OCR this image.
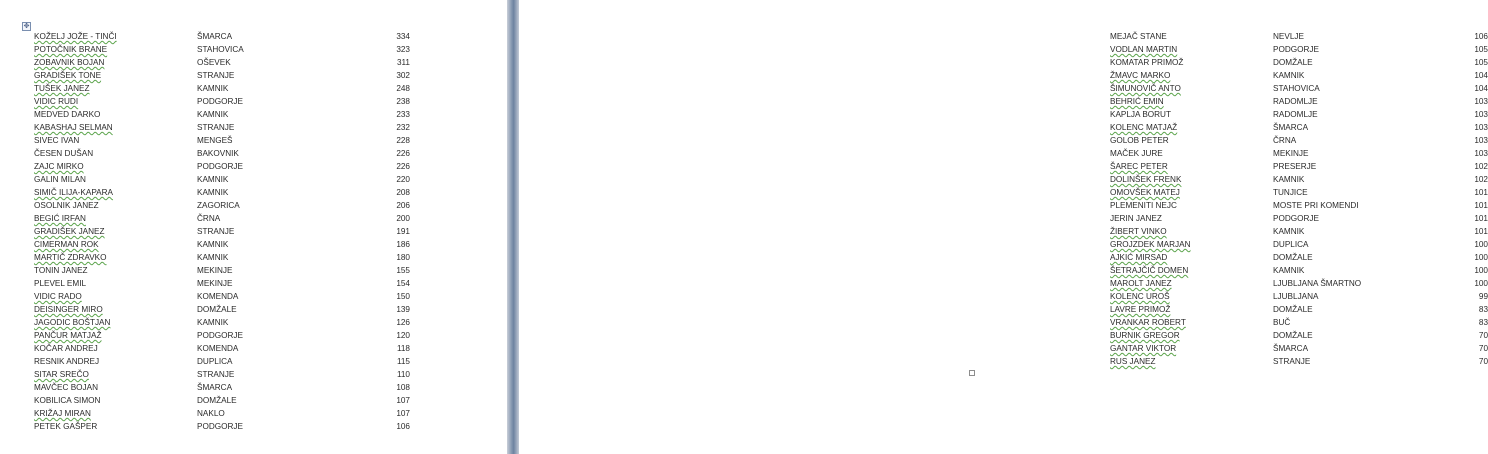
✥
KOŽELJ JOŽE - TINČI	ŠMARCA	334
POTOČNIK BRANE	STAHOVICA	323
ZOBAVNIK BOJAN	OŠEVEK	311
GRADIŠEK TONE	STRANJE	302
TUŠEK JANEZ	KAMNIK	248
VIDIC RUDI	PODGORJE	238
MEDVED DARKO	KAMNIK	233
KABASHAJ SELMAN	STRANJE	232
SIVEC IVAN	MENGEŠ	228
ČESEN DUŠAN	BAKOVNIK	226
ZAJC MIRKO	PODGORJE	226
GALIN MILAN	KAMNIK	220
SIMIČ ILIJA-KAPARA	KAMNIK	208
OSOLNIK JANEZ	ZAGORICA	206
BEGIĆ IRFAN	ČRNA	200
GRADIŠEK JANEZ	STRANJE	191
CIMERMAN ROK	KAMNIK	186
MARTIČ ZDRAVKO	KAMNIK	180
TONIN JANEZ	MEKINJE	155
PLEVEL EMIL	MEKINJE	154
VIDIC RADO	KOMENDA	150
DEISINGER MIRO	DOMŽALE	139
JAGODIC BOŠTJAN	KAMNIK	126
PANČUR MATJAŽ	PODGORJE	120
KOČAR ANDREJ	KOMENDA	118
RESNIK ANDREJ	DUPLICA	115
SITAR SREČO	STRANJE	110
MAVČEC BOJAN	ŠMARCA	108
KOBILICA SIMON	DOMŽALE	107
KRIŽAJ MIRAN	NAKLO	107
PETEK GAŠPER	PODGORJE	106
MEJAČ STANE	NEVLJE	106
VODLAN MARTIN	PODGORJE	105
KOMATAR PRIMOŽ	DOMŽALE	105
ŽMAVC MARKO	KAMNIK	104
ŠIMUNOVIČ ANTO	STAHOVICA	104
BEHRIĆ EMIN	RADOMLJE	103
KAPLJA BORUT	RADOMLJE	103
KOLENC MATJAŽ	ŠMARCA	103
GOLOB PETER	ČRNA	103
MAČEK JURE	MEKINJE	103
ŠAREC PETER	PRESERJE	102
DOLINŠEK FRENK	KAMNIK	102
OMOVŠEK MATEJ	TUNJICE	101
PLEMENITI NEJC	MOSTE PRI KOMENDI	101
JERIN JANEZ	PODGORJE	101
ŽIBERT VINKO	KAMNIK	101
GROJZDEK MARJAN	DUPLICA	100
AJKIĆ MIRSAD	DOMŽALE	100
ŠETRAJČIČ DOMEN	KAMNIK	100
MAROLT JANEZ	LJUBLJANA ŠMARTNO	100
KOLENC UROŠ	LJUBLJANA	99
LAVRE PRIMOŽ	DOMŽALE	83
VRANKAR ROBERT	BUČ	83
BURNIK GREGOR	DOMŽALE	70
GANTAR VIKTOR	ŠMARCA	70
RUS JANEZ	STRANJE	70
